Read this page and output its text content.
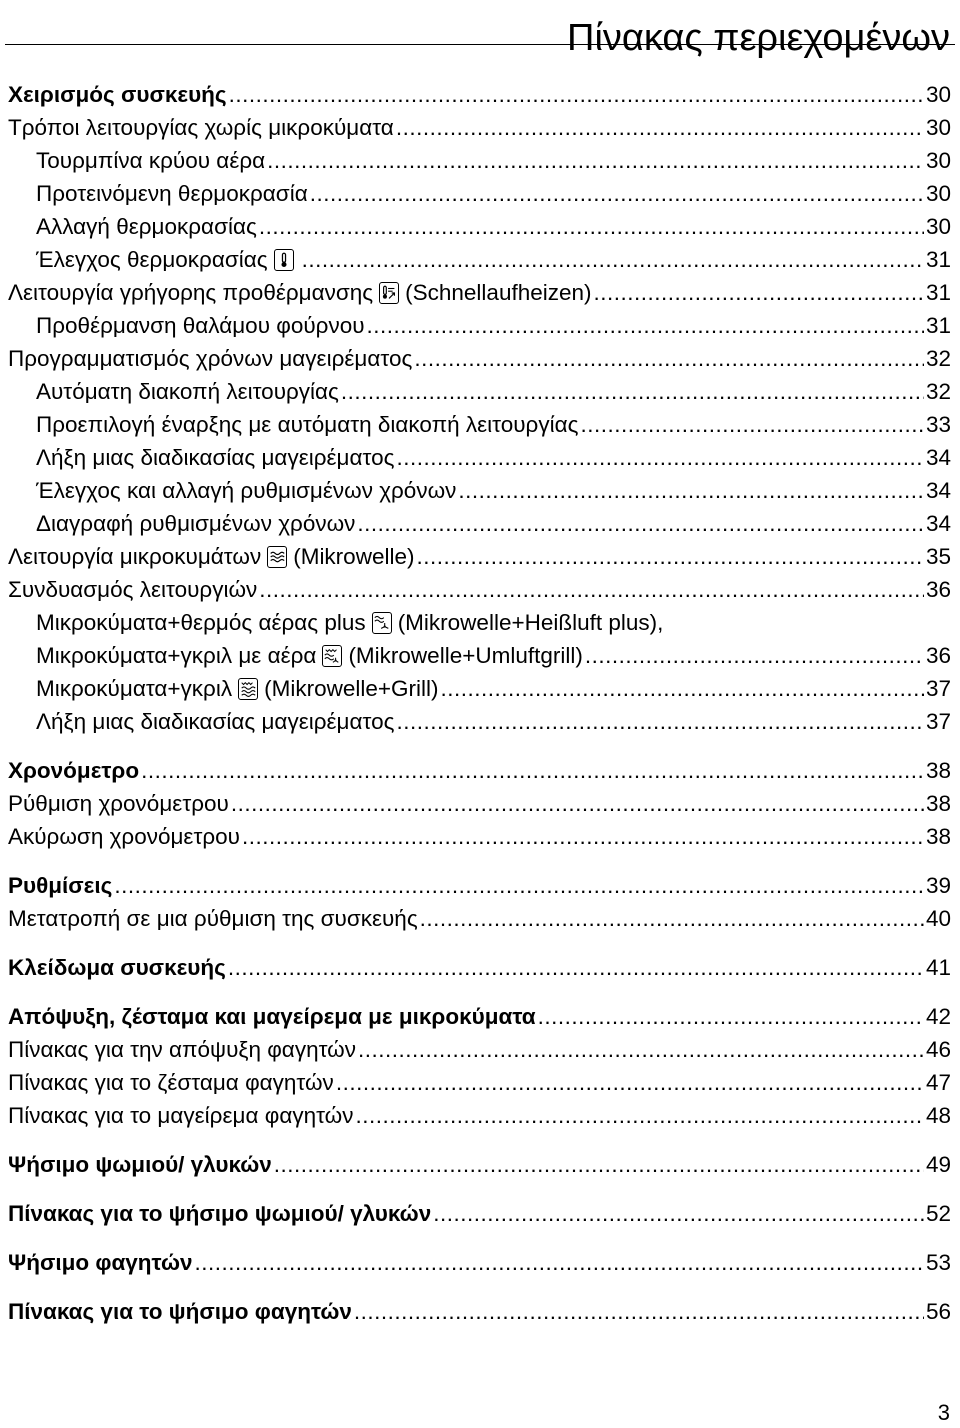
Πίνακας περιεχομένων
Χειρισμός συσκευής .....	30
Τρόποι λειτουργίας χωρίς μικροκύματα .....	30
Τουρμπίνα κρύου αέρα .....	30
Προτεινόμενη θερμοκρασία .....	30
Αλλαγή θερμοκρασίας .....	30
Έλεγχος θερμοκρασίας .....	31
Λειτουργία γρήγορης προθέρμανσης (Schnellaufheizen) .....	31
Προθέρμανση θαλάμου φούρνου .....	31
Προγραμματισμός χρόνων μαγειρέματος .....	32
Αυτόματη διακοπή λειτουργίας .....	32
Προεπιλογή έναρξης με αυτόματη διακοπή λειτουργίας .....	33
Λήξη μιας διαδικασίας μαγειρέματος .....	34
Έλεγχος και αλλαγή ρυθμισμένων χρόνων .....	34
Διαγραφή ρυθμισμένων χρόνων .....	34
Λειτουργία μικροκυμάτων (Mikrowelle) .....	35
Συνδυασμός λειτουργιών .....	36
Μικροκύματα+θερμός αέρας plus (Mikrowelle+Heißluft plus),
Μικροκύματα+γκριλ με αέρα (Mikrowelle+Umluftgrill) .....	36
Μικροκύματα+γκριλ (Mikrowelle+Grill) .....	37
Λήξη μιας διαδικασίας μαγειρέματος .....	37
Χρονόμετρο .....	38
Ρύθμιση χρονόμετρου .....	38
Ακύρωση χρονόμετρου .....	38
Ρυθμίσεις .....	39
Μετατροπή σε μια ρύθμιση της συσκευής .....	40
Κλείδωμα συσκευής .....	41
Απόψυξη, ζέσταμα και μαγείρεμα με μικροκύματα .....	42
Πίνακας για την απόψυξη φαγητών .....	46
Πίνακας για το ζέσταμα φαγητών .....	47
Πίνακας για το μαγείρεμα φαγητών .....	48
Ψήσιμο ψωμιού/ γλυκών .....	49
Πίνακας για το ψήσιμο ψωμιού/ γλυκών .....	52
Ψήσιμο φαγητών .....	53
Πίνακας για το ψήσιμο φαγητών .....	56
3
